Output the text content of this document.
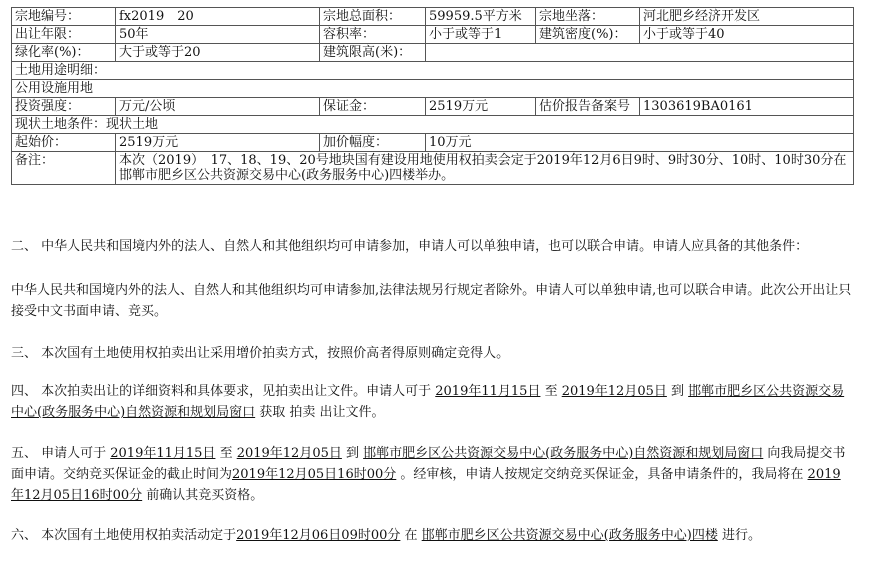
宗地编号：	fx2019　20	宗地总面积：	59959.5平方米	宗地坐落：	河北肥乡经济开发区
出让年限：	50年	容积率：	小于或等于1	建筑密度(%)：	小于或等于40
绿化率(%)：	大于或等于20	建筑限高(米)：			
土地用途明细：					
公用设施用地					
投资强度：	万元/公顷	保证金：	2519万元	估价报告备案号	1303619BA0161
现状土地条件：现状土地					
起始价：	2519万元	加价幅度：	10万元		
备注：	本次（2019）　17、18、19、20号地块国有建设用地使用权拍卖会定于2019年12月6日9时、9时30分、10时、10时30分在邯郸市肥乡区公共资源交易中心(政务服务中心)四楼举办。				

二、 中华人民共和国境内外的法人、自然人和其他组织均可申请参加，申请人可以单独申请，也可以联合申请。申请人应具备的其他条件：

中华人民共和国境内外的法人、自然人和其他组织均可申请参加,法律法规另行规定者除外。申请人可以单独申请,也可以联合申请。此次公开出让只接受中文书面申请、竞买。

三、 本次国有土地使用权拍卖出让采用增价拍卖方式，按照价高者得原则确定竞得人。

四、 本次拍卖出让的详细资料和具体要求，见拍卖出让文件。申请人可于 2019年11月15日 至 2019年12月05日 到 邯郸市肥乡区公共资源交易中心(政务服务中心)自然资源和规划局窗口 获取 拍卖 出让文件。

五、 申请人可于 2019年11月15日 至 2019年12月05日 到 邯郸市肥乡区公共资源交易中心(政务服务中心)自然资源和规划局窗口 向我局提交书面申请。交纳竞买保证金的截止时间为2019年12月05日16时00分 。经审核，申请人按规定交纳竞买保证金，具备申请条件的，我局将在 2019年12月05日16时00分 前确认其竞买资格。

六、 本次国有土地使用权拍卖活动定于2019年12月06日09时00分 在 邯郸市肥乡区公共资源交易中心(政务服务中心)四楼 进行。
